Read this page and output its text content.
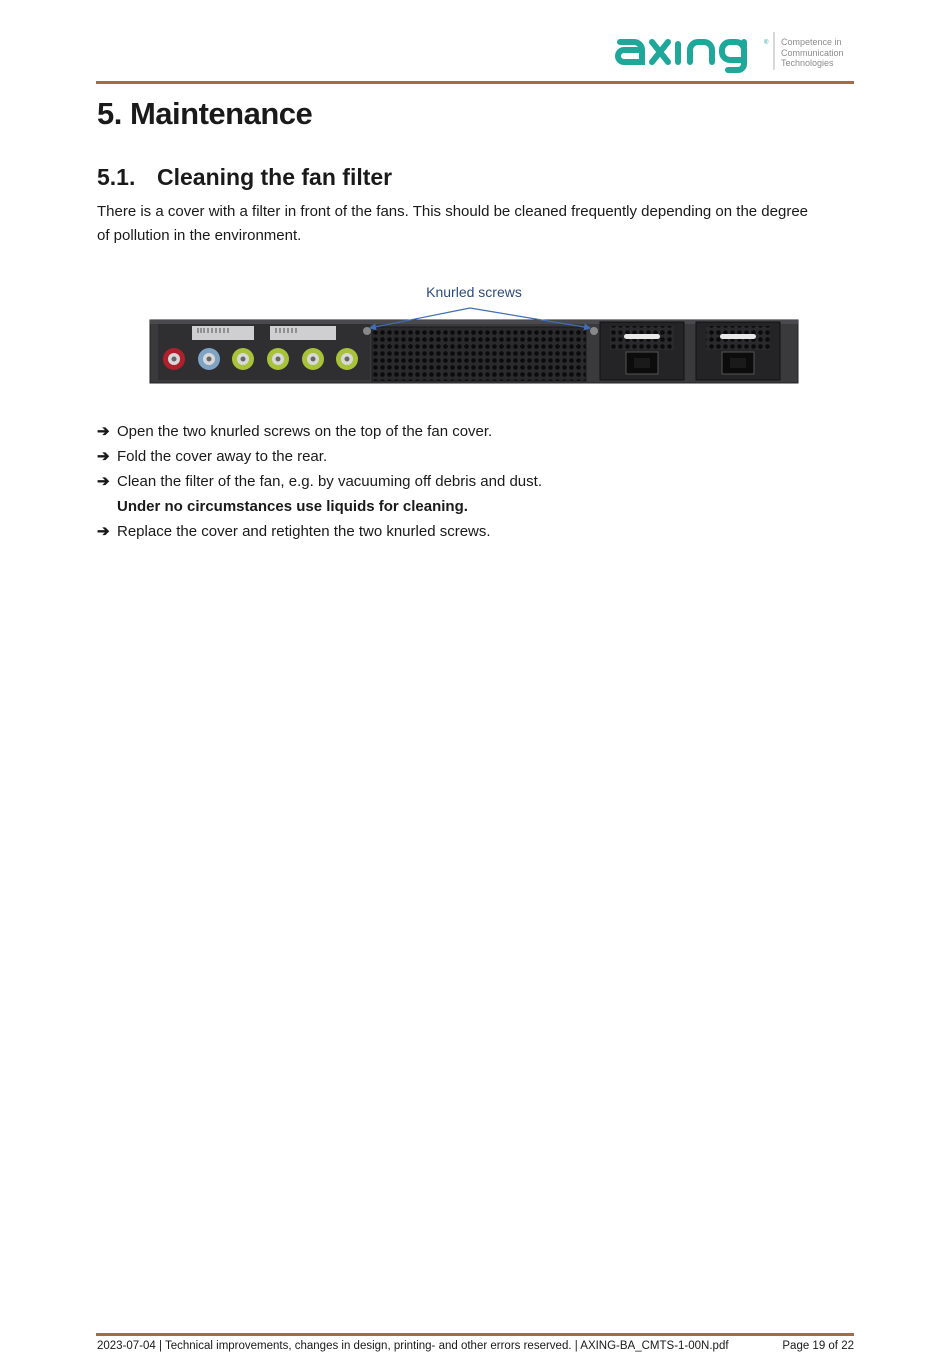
® Competence in
Communication
Technologies
5. Maintenance
5.1. Cleaning the fan filter

There is a cover with a filter in front of the fans. This should be cleaned frequently depending on the degree of pollution in the environment.

Knurled screws
➔ Open the two knurled screws on the top of the fan cover.
➔ Fold the cover away to the rear.
➔ Clean the filter of the fan, e.g. by vacuuming off debris and dust.
Under no circumstances use liquids for cleaning.
➔ Replace the cover and retighten the two knurled screws.
2023-07-04 | Technical improvements, changes in design, printing- and other errors reserved. | AXING-BA_CMTS-1-00N.pdf	Page 19 of 22
